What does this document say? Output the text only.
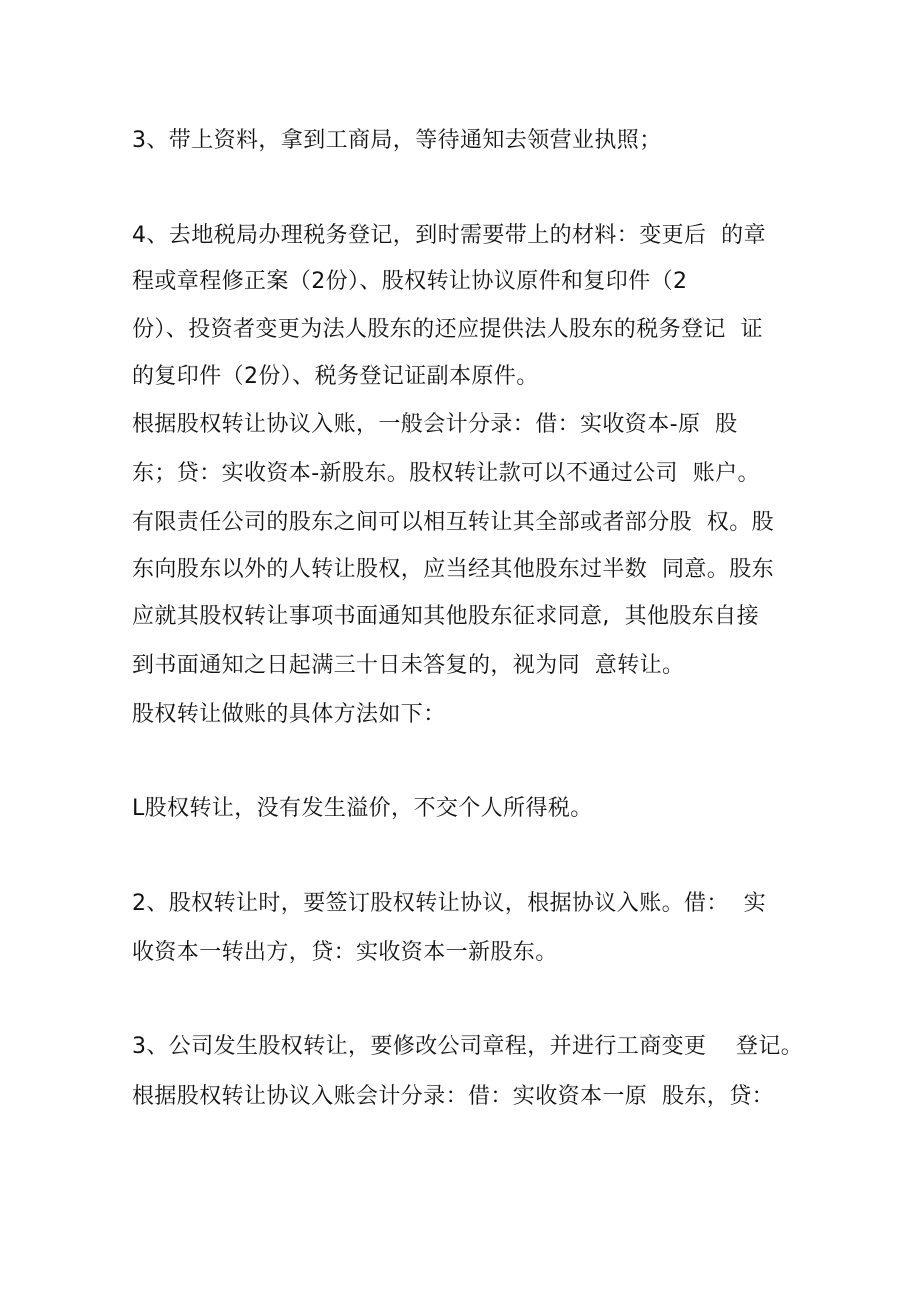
3、带上资料，拿到工商局，等待通知去领营业执照；
4、去地税局办理税务登记，到时需要带上的材料：变更后  的章
程或章程修正案（2份）、股权转让协议原件和复印件（2
份）、投资者变更为法人股东的还应提供法人股东的税务登记  证
的复印件（2份）、税务登记证副本原件。
根据股权转让协议入账，一般会计分录：借：实收资本-原  股
东；贷：实收资本-新股东。股权转让款可以不通过公司  账户。
有限责任公司的股东之间可以相互转让其全部或者部分股  权。股
东向股东以外的人转让股权，应当经其他股东过半数  同意。股东
应就其股权转让事项书面通知其他股东征求同意,  其他股东自接
到书面通知之日起满三十日未答复的，视为同  意转让。
股权转让做账的具体方法如下：
L股权转让，没有发生溢价，不交个人所得税。
2、股权转让时，要签订股权转让协议，根据协议入账。借：  实
收资本一转出方，贷：实收资本一新股东。
3、公司发生股权转让，要修改公司章程，并进行工商变更    登记。
根据股权转让协议入账会计分录：借：实收资本一原  股东，贷：
